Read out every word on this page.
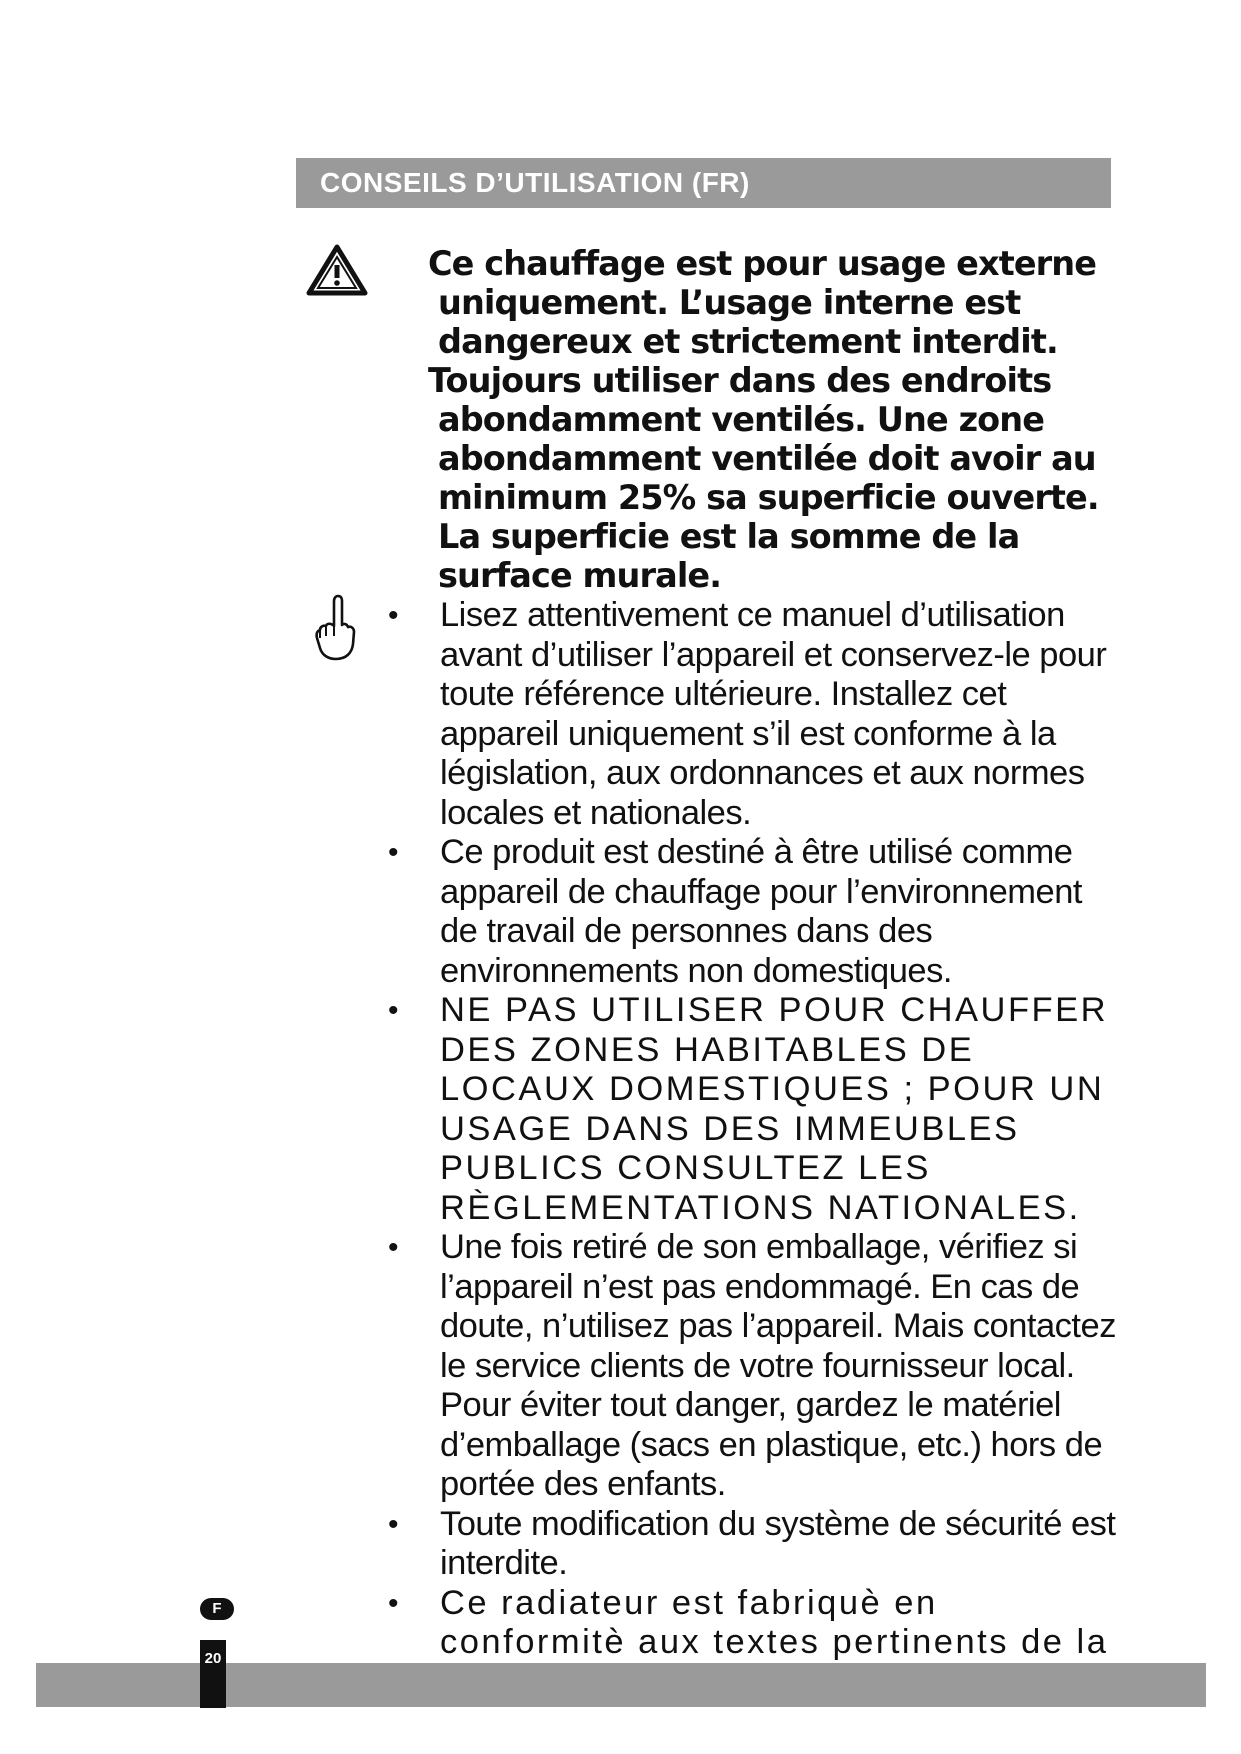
CONSEILS D’UTILISATION (FR)

Ce chauffage est pour usage externe uniquement. L’usage interne est dangereux et strictement interdit.

Toujours utiliser dans des endroits abondamment ventilés. Une zone abondamment ventilée doit avoir au minimum 25% sa superficie ouverte. La superficie est la somme de la surface murale.

•	Lisez attentivement ce manuel d’utilisation avant d’utiliser l’appareil et conservez-le pour toute référence ultérieure. Installez cet appareil uniquement s’il est conforme à la législation, aux ordonnances et aux normes locales et nationales.
•	Ce produit est destiné à être utilisé comme appareil de chauffage pour l’environnement de travail de personnes dans des environnements non domestiques.
•	NE PAS UTILISER POUR CHAUFFER DES ZONES HABITABLES DE LOCAUX DOMESTIQUES ; POUR UN USAGE DANS DES IMMEUBLES PUBLICS CONSULTEZ LES RÈGLEMENTATIONS NATIONALES.
•	Une fois retiré de son emballage, vérifiez si l’appareil n’est pas endommagé. En cas de doute, n’utilisez pas l’appareil. Mais contactez le service clients de votre fournisseur local. Pour éviter tout danger, gardez le matériel d’emballage (sacs en plastique, etc.) hors de portée des enfants.
•	Toute modification du système de sécurité est interdite.
•	Ce radiateur est fabriquè en conformitè aux textes pertinents de la
F
20
